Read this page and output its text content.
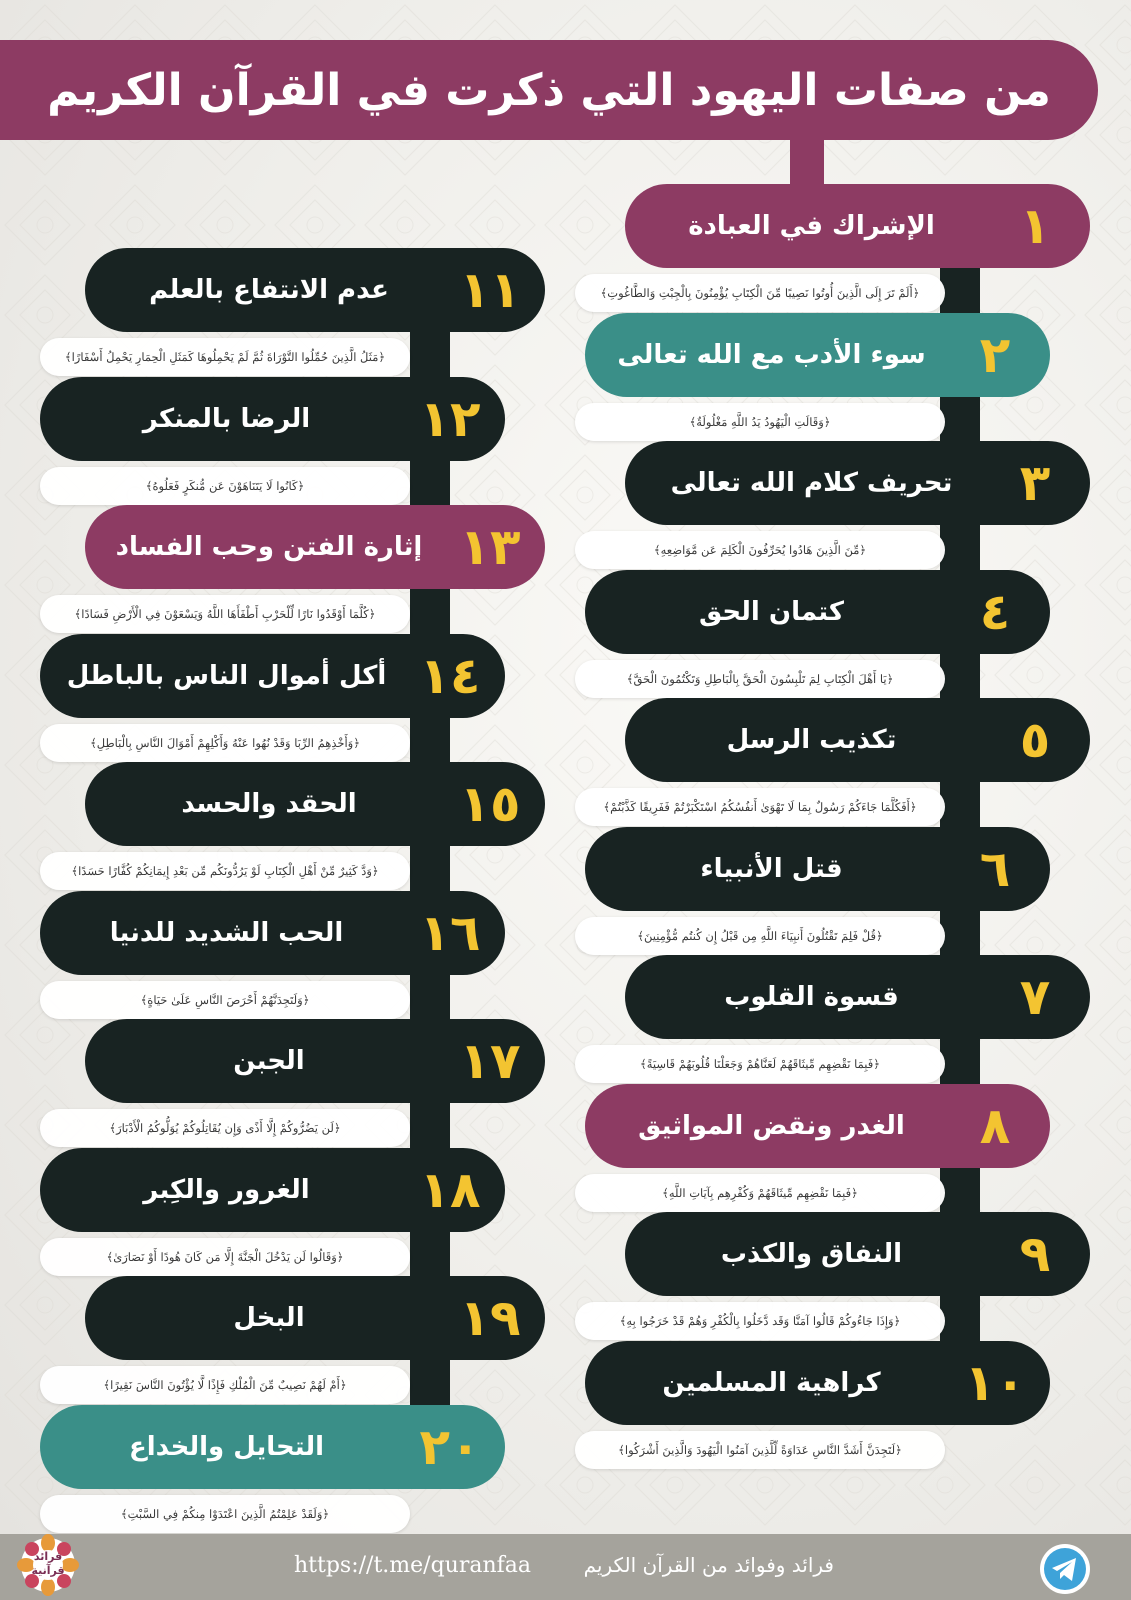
من صفات اليهود التي ذكرت في القرآن الكريم
١
الإشراك في العبادة
﴿أَلَمْ تَرَ إِلَى الَّذِينَ أُوتُوا نَصِيبًا مِّنَ الْكِتَابِ يُؤْمِنُونَ بِالْجِبْتِ وَالطَّاغُوتِ﴾
٢
سوء الأدب مع الله تعالى
﴿وَقَالَتِ الْيَهُودُ يَدُ اللَّهِ مَغْلُولَةٌ﴾
٣
تحريف كلام الله تعالى
﴿مِّنَ الَّذِينَ هَادُوا يُحَرِّفُونَ الْكَلِمَ عَن مَّوَاضِعِهِ﴾
٤
كتمان الحق
﴿يَا أَهْلَ الْكِتَابِ لِمَ تَلْبِسُونَ الْحَقَّ بِالْبَاطِلِ وَتَكْتُمُونَ الْحَقَّ﴾
٥
تكذيب الرسل
﴿أَفَكُلَّمَا جَاءَكُمْ رَسُولٌ بِمَا لَا تَهْوَىٰ أَنفُسُكُمُ اسْتَكْبَرْتُمْ فَفَرِيقًا كَذَّبْتُمْ﴾
٦
قتل الأنبياء
﴿قُلْ فَلِمَ تَقْتُلُونَ أَنبِيَاءَ اللَّهِ مِن قَبْلُ إِن كُنتُم مُّؤْمِنِينَ﴾
٧
قسوة القلوب
﴿فَبِمَا نَقْضِهِم مِّيثَاقَهُمْ لَعَنَّاهُمْ وَجَعَلْنَا قُلُوبَهُمْ قَاسِيَةً﴾
٨
الغدر ونقض المواثيق
﴿فَبِمَا نَقْضِهِم مِّيثَاقَهُمْ وَكُفْرِهِم بِآيَاتِ اللَّهِ﴾
٩
النفاق والكذب
﴿وَإِذَا جَاءُوكُمْ قَالُوا آمَنَّا وَقَد دَّخَلُوا بِالْكُفْرِ وَهُمْ قَدْ خَرَجُوا بِهِ﴾
١٠
كراهية المسلمين
﴿لَتَجِدَنَّ أَشَدَّ النَّاسِ عَدَاوَةً لِّلَّذِينَ آمَنُوا الْيَهُودَ وَالَّذِينَ أَشْرَكُوا﴾
١١
عدم الانتفاع بالعلم
﴿مَثَلُ الَّذِينَ حُمِّلُوا التَّوْرَاةَ ثُمَّ لَمْ يَحْمِلُوهَا كَمَثَلِ الْحِمَارِ يَحْمِلُ أَسْفَارًا﴾
١٢
الرضا بالمنكر
﴿كَانُوا لَا يَتَنَاهَوْنَ عَن مُّنكَرٍ فَعَلُوهُ﴾
١٣
إثارة الفتن وحب الفساد
﴿كُلَّمَا أَوْقَدُوا نَارًا لِّلْحَرْبِ أَطْفَأَهَا اللَّهُ وَيَسْعَوْنَ فِي الْأَرْضِ فَسَادًا﴾
١٤
أكل أموال الناس بالباطل
﴿وَأَخْذِهِمُ الرِّبَا وَقَدْ نُهُوا عَنْهُ وَأَكْلِهِمْ أَمْوَالَ النَّاسِ بِالْبَاطِلِ﴾
١٥
الحقد والحسد
﴿وَدَّ كَثِيرٌ مِّنْ أَهْلِ الْكِتَابِ لَوْ يَرُدُّونَكُم مِّن بَعْدِ إِيمَانِكُمْ كُفَّارًا حَسَدًا﴾
١٦
الحب الشديد للدنيا
﴿وَلَتَجِدَنَّهُمْ أَحْرَصَ النَّاسِ عَلَىٰ حَيَاةٍ﴾
١٧
الجبن
﴿لَن يَضُرُّوكُمْ إِلَّا أَذًى وَإِن يُقَاتِلُوكُمْ يُوَلُّوكُمُ الْأَدْبَارَ﴾
١٨
الغرور والكِبر
﴿وَقَالُوا لَن يَدْخُلَ الْجَنَّةَ إِلَّا مَن كَانَ هُودًا أَوْ نَصَارَىٰ﴾
١٩
البخل
﴿أَمْ لَهُمْ نَصِيبٌ مِّنَ الْمُلْكِ فَإِذًا لَّا يُؤْتُونَ النَّاسَ نَقِيرًا﴾
٢٠
التحايل والخداع
﴿وَلَقَدْ عَلِمْتُمُ الَّذِينَ اعْتَدَوْا مِنكُمْ فِي السَّبْتِ﴾
https://t.me/quranfaa	فرائد وفوائد من القرآن الكريم
فرائد قرآنية
